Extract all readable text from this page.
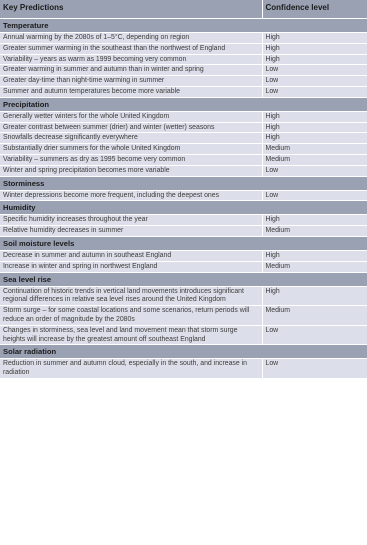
Key Predictions	Confidence level
Temperature	
Annual warming by the 2080s of 1–5°C, depending on region	High
Greater summer warming in the southeast than the northwest of England	High
Variability – years as warm as 1999 becoming very common	High
Greater warming in summer and autumn than in winter and spring	Low
Greater day-time than night-time warming in summer	Low
Summer and autumn temperatures become more variable	Low
Precipitation	
Generally wetter winters for the whole United Kingdom	High
Greater contrast between summer (drier) and winter (wetter) seasons	High
Snowfalls decrease significantly everywhere	High
Substantially drier summers for the whole United Kingdom	Medium
Variability – summers as dry as 1995 become very common	Medium
Winter and spring precipitation becomes more variable	Low
Storminess	
Winter depressions become more frequent, including the deepest ones	Low
Humidity	
Specific humidity increases throughout the year	High
Relative humidity decreases in summer	Medium
Soil moisture levels	
Decrease in summer and autumn in southeast England	High
Increase in winter and spring in northwest England	Medium
Sea level rise	
Continuation of historic trends in vertical land movements introduces significant regional differences in relative sea level rises around the United Kingdom	High
Storm surge – for some coastal locations and some scenarios, return periods will reduce an order of magnitude by the 2080s	Medium
Changes in storminess, sea level and land movement mean that storm surge heights will increase by the greatest amount off southeast England	Low
Solar radiation	
Reduction in summer and autumn cloud, especially in the south, and increase in radiation	Low
